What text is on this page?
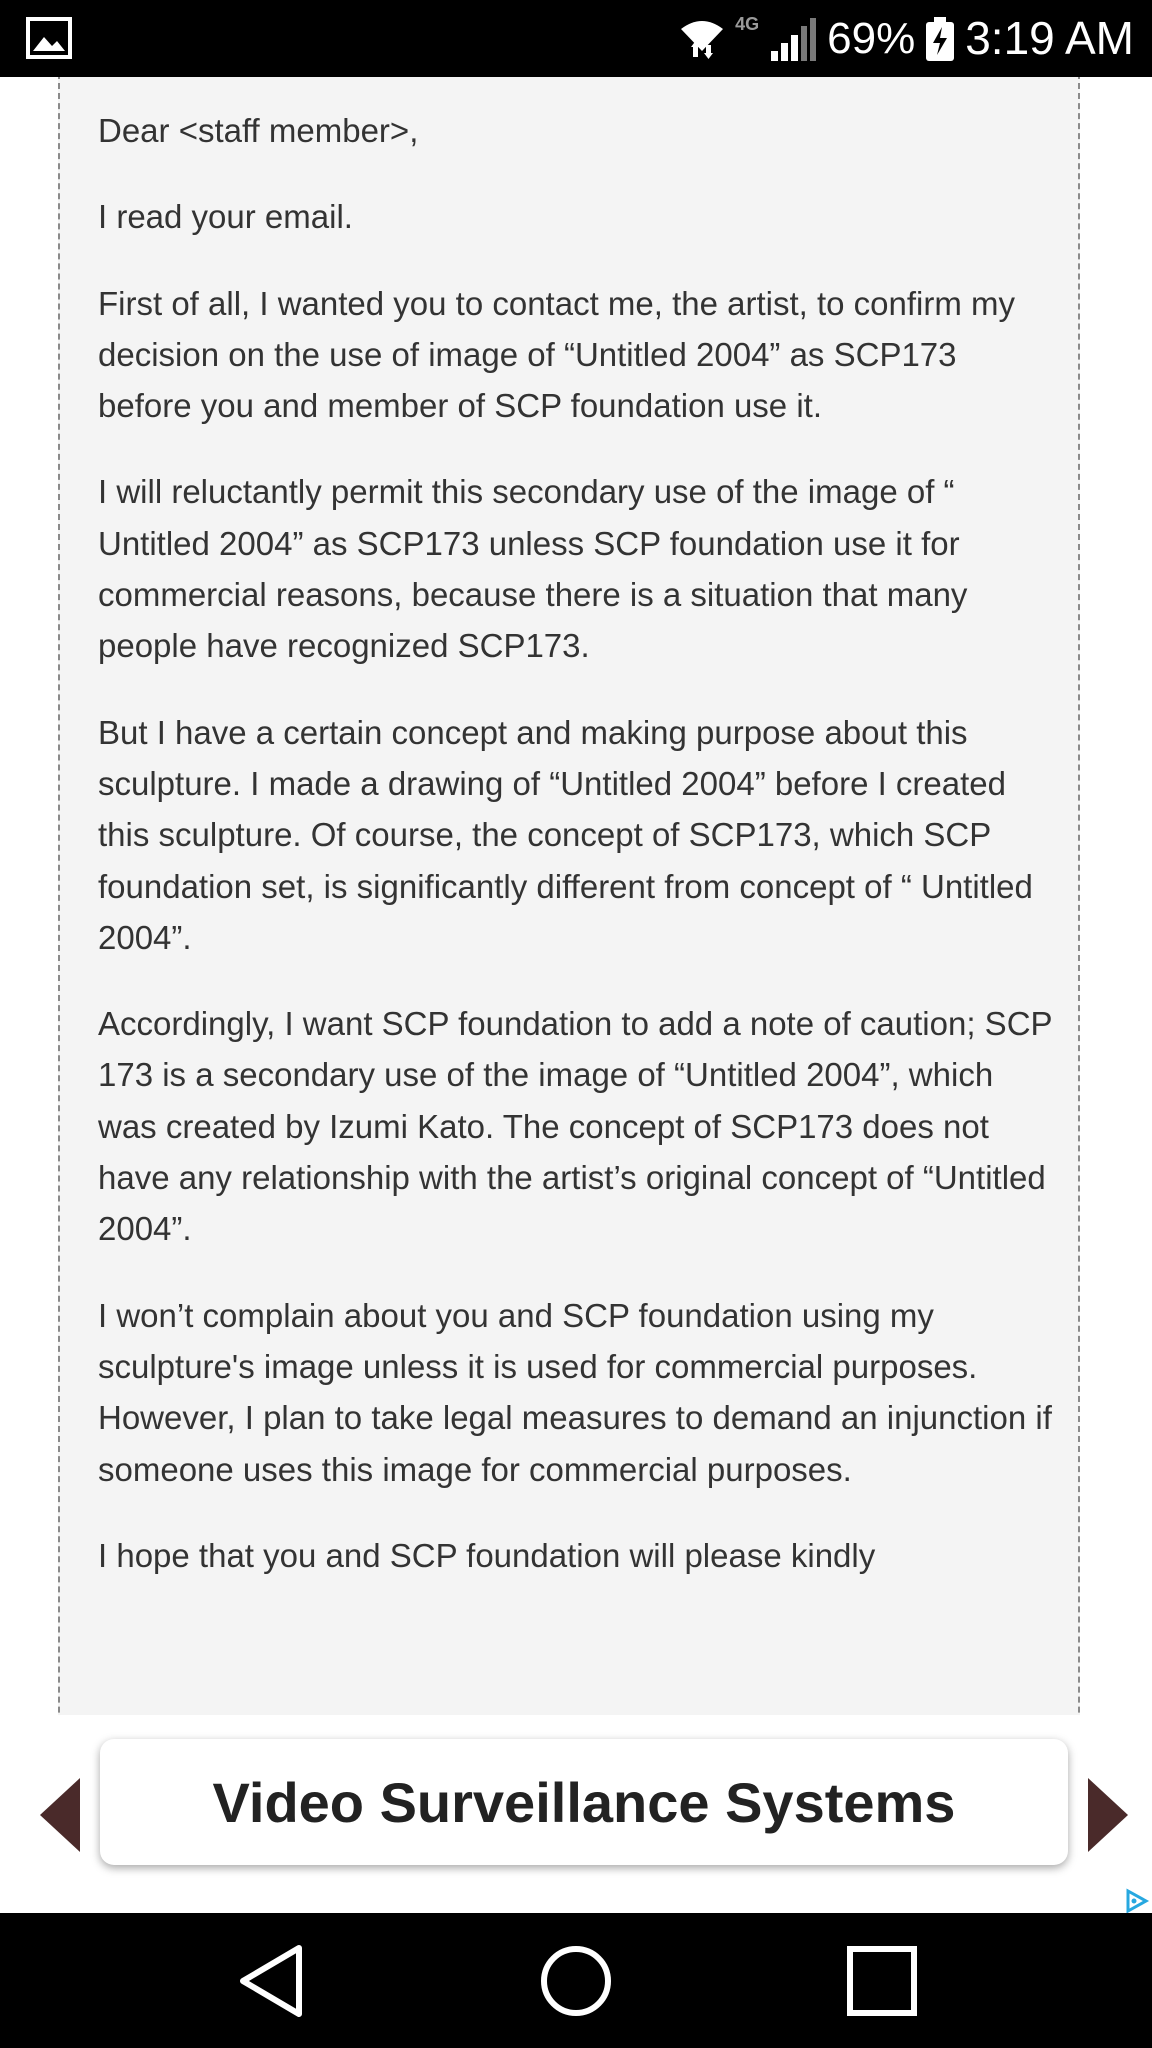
4G 69% 3:19 AM

Dear <staff member>,

I read your email.

First of all, I wanted you to contact me, the artist, to confirm my decision on the use of image of “Untitled 2004” as SCP173 before you and member of SCP foundation use it.

I will reluctantly permit this secondary use of the image of “ Untitled 2004” as SCP173 unless SCP foundation use it for commercial reasons, because there is a situation that many people have recognized SCP173.

But I have a certain concept and making purpose about this sculpture. I made a drawing of “Untitled 2004” before I created this sculpture. Of course, the concept of SCP173, which SCP foundation set, is significantly different from concept of “ Untitled 2004”.

Accordingly, I want SCP foundation to add a note of caution; SCP 173 is a secondary use of the image of “Untitled 2004”, which was created by Izumi Kato. The concept of SCP173 does not have any relationship with the artist’s original concept of “Untitled 2004”.

I won’t complain about you and SCP foundation using my sculpture's image unless it is used for commercial purposes. However, I plan to take legal measures to demand an injunction if someone uses this image for commercial purposes.

I hope that you and SCP foundation will please kindly

Video Surveillance Systems
